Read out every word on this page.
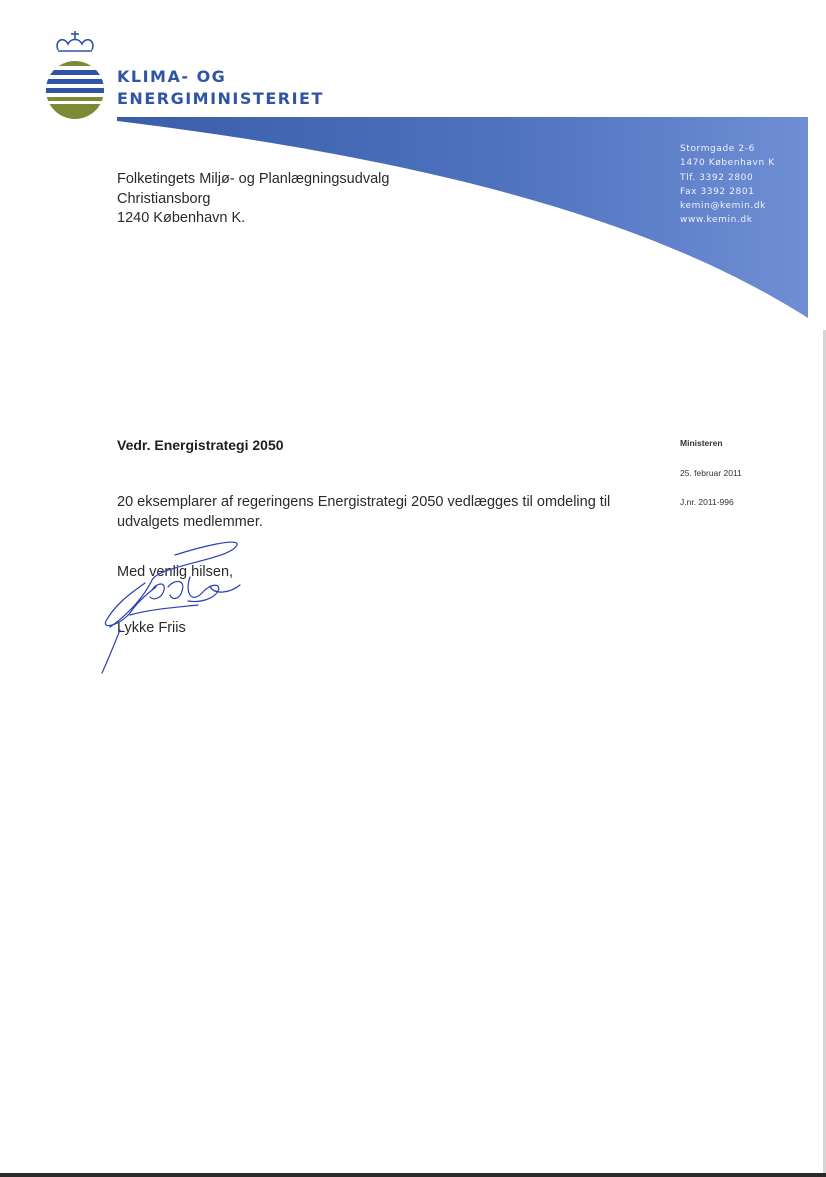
KLIMA- OG
ENERGIMINISTERIET
Stormgade 2-6
1470 København K
Tlf. 3392 2800
Fax 3392 2801
kemin@kemin.dk
www.kemin.dk
Folketingets Miljø- og Planlægningsudvalg
Christiansborg
1240 København K.
Vedr. Energistrategi 2050	Ministeren
25. februar 2011
J.nr. 2011-996
20 eksemplarer af regeringens Energistrategi 2050 vedlægges til omdeling til
udvalgets medlemmer.
Med venlig hilsen,
Lykke Friis
